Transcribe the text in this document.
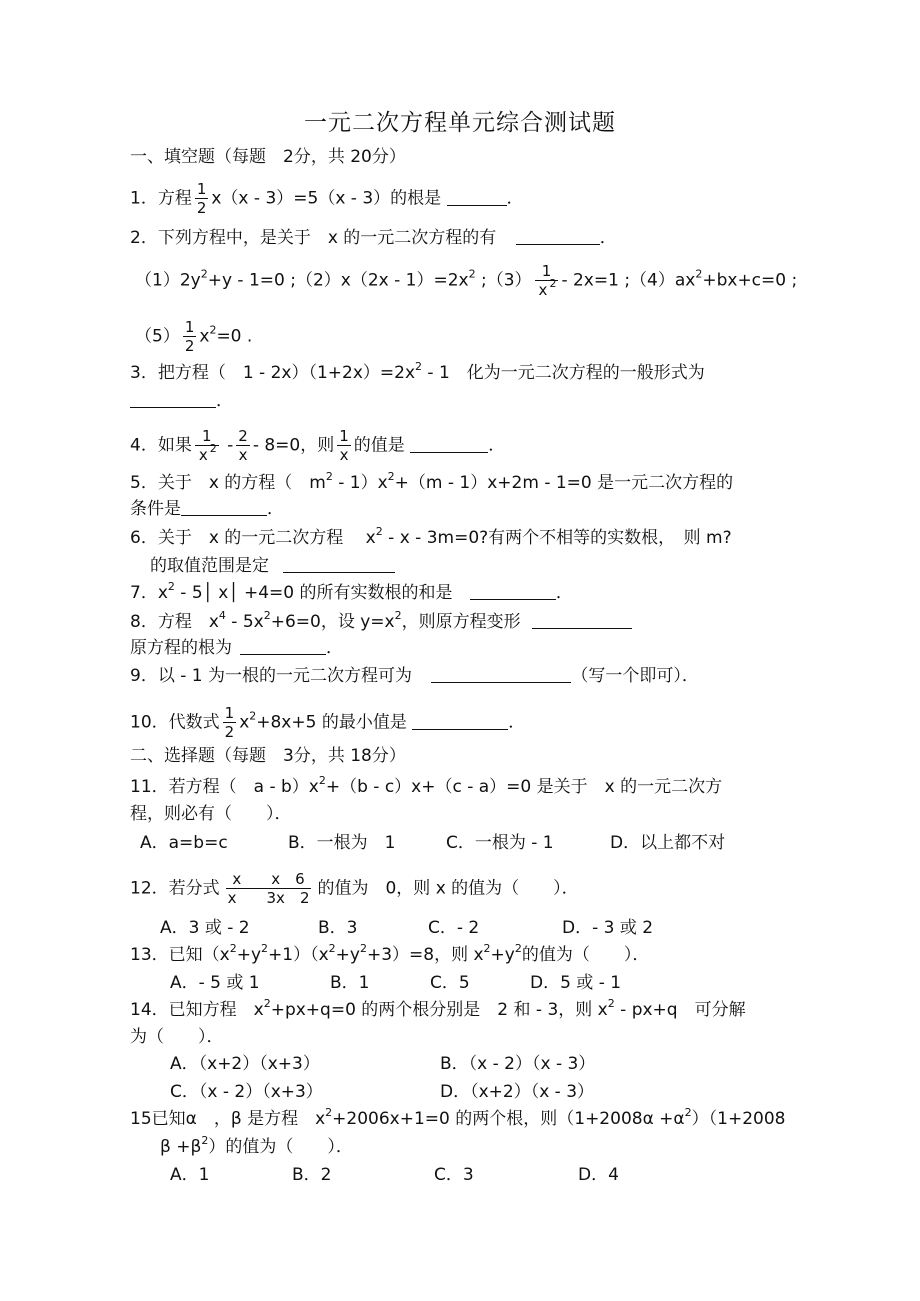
一元二次方程单元综合测试题
一、填空题（每题　2分，共 20分）
1．方程 $\frac{1}{2} x(x - 3)=5(x - 3)$的根是	．
2．下列方程中，是关于　x 的一元二次方程的有	．
$(1)2y^2+y - 1=0$ ;（2）x（2x - $1)=2x^2$ ;（3） $\frac{1}{x ^2} - 2x=1$ $;(4)ax^2+bx+c=0$ ;
$(5) \frac{1}{2} x^2=0$ .
3．把方程（　$1 - 2x)(1+2x)=2x^2 - 1$　化为一元二次方程的一般形式为
．
4．如果 $\frac{1}{x ^2} - \frac{2}{x} - 8=0$，则 $\frac{1}{x}$ 的值是	．
5．关于　x 的方程（　$m^2 - 1)x^2+(m - 1)x+2m - 1=0$ 是一元二次方程的
条件是	．
6．关于　x 的一元二次方程　 $x^2 - x - 3m=0$?有两个不相等的实数根，　则 m?
的取值范围是定
7．$x^2$ - 5│ x│ +4=0 的所有实数根的和是	．
8．方程　$x^4 - 5x^2+6=0$，设 $y=x^2$，则原方程变形
原方程的根为	．
9．以 - 1 为一根的一元二次方程可为	（写一个即可）．
10．代数式 $\frac{1}{2} x^2+8x+5$ 的最小值是	．
二、选择题（每题　3分，共 18分）
11．若方程（　$a - b)x^2+(b - c)x+(c - a)=0$ 是关于　x 的一元二次方
程，则必有（　　）．
A．a=b=c	B．一根为　1	C．一根为 - 1	D．以上都不对
12．若分式 $\frac{\text{x　　x　6}}{x 3x 2}$ 的值为　0，则 x 的值为（　　）．
A．3 或 - 2	B．3	C．- 2	D．- 3 或 2
13．已知$(x^2+y^2+1)(x^2+y^2+3)=8$，则 $x^2+y^2$的值为（　　）．
A．- 5 或 1	B．1	C．5	D．5 或 - 1
14．已知方程　$x^2+px+q=0$ 的两个根分别是　2 和 - 3，则 $x^2 - px+q$　可分解
为（　　）．
A．（x+2）（x+3）	B．（x - 2）（x - 3）
C．（x - 2）（x+3）	D．（x+2）（x - 3）
15已知α　，β 是方程　$x^2+2006x+1=0$ 的两个根，则$(1+2008\alpha +\alpha^2)(1+2008$
$\beta +\beta^2$）的值为（　　）．
A．1	B．2	C．3	D．4
